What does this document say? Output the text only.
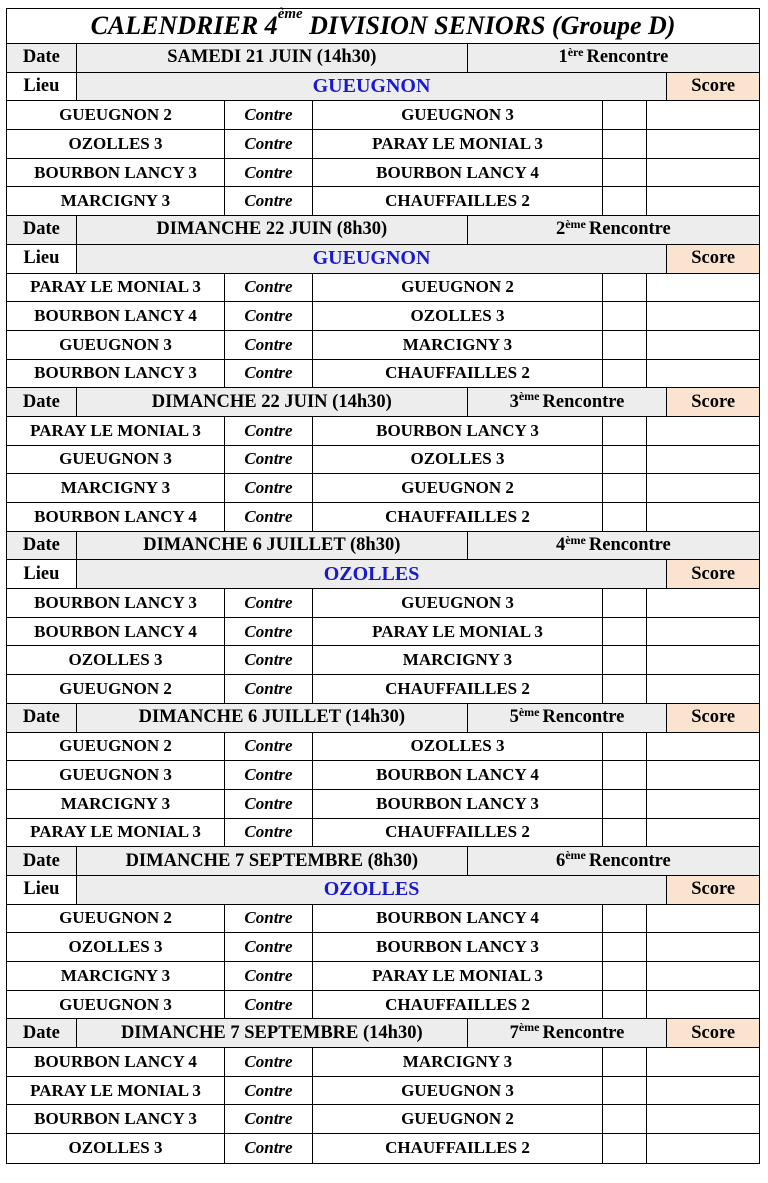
CALENDRIER 4ème DIVISION SENIORS (Groupe D)
Date	SAMEDI 21 JUIN (14h30)	1ère Rencontre
Lieu	GUEUGNON	Score
GUEUGNON 2	Contre	GUEUGNON 3
OZOLLES 3	Contre	PARAY LE MONIAL 3
BOURBON LANCY 3	Contre	BOURBON LANCY 4
MARCIGNY 3	Contre	CHAUFFAILLES 2
Date	DIMANCHE 22 JUIN (8h30)	2ème Rencontre
Lieu	GUEUGNON	Score
PARAY LE MONIAL 3	Contre	GUEUGNON 2
BOURBON LANCY 4	Contre	OZOLLES 3
GUEUGNON 3	Contre	MARCIGNY 3
BOURBON LANCY 3	Contre	CHAUFFAILLES 2
Date	DIMANCHE 22 JUIN (14h30)	3ème Rencontre	Score
PARAY LE MONIAL 3	Contre	BOURBON LANCY 3
GUEUGNON 3	Contre	OZOLLES 3
MARCIGNY 3	Contre	GUEUGNON 2
BOURBON LANCY 4	Contre	CHAUFFAILLES 2
Date	DIMANCHE 6 JUILLET (8h30)	4ème Rencontre
Lieu	OZOLLES	Score
BOURBON LANCY 3	Contre	GUEUGNON 3
BOURBON LANCY 4	Contre	PARAY LE MONIAL 3
OZOLLES 3	Contre	MARCIGNY 3
GUEUGNON 2	Contre	CHAUFFAILLES 2
Date	DIMANCHE 6 JUILLET (14h30)	5ème Rencontre	Score
GUEUGNON 2	Contre	OZOLLES 3
GUEUGNON 3	Contre	BOURBON LANCY 4
MARCIGNY 3	Contre	BOURBON LANCY 3
PARAY LE MONIAL 3	Contre	CHAUFFAILLES 2
Date	DIMANCHE 7 SEPTEMBRE (8h30)	6ème Rencontre
Lieu	OZOLLES	Score
GUEUGNON 2	Contre	BOURBON LANCY 4
OZOLLES 3	Contre	BOURBON LANCY 3
MARCIGNY 3	Contre	PARAY LE MONIAL 3
GUEUGNON 3	Contre	CHAUFFAILLES 2
Date	DIMANCHE 7 SEPTEMBRE (14h30)	7ème Rencontre	Score
BOURBON LANCY 4	Contre	MARCIGNY 3
PARAY LE MONIAL 3	Contre	GUEUGNON 3
BOURBON LANCY 3	Contre	GUEUGNON 2
OZOLLES 3	Contre	CHAUFFAILLES 2
